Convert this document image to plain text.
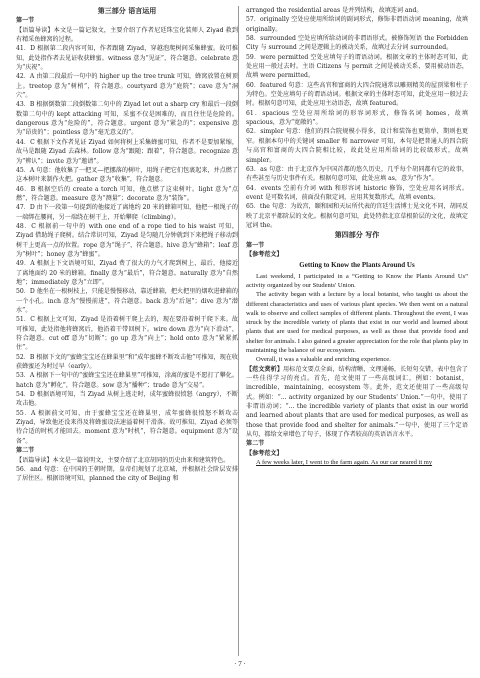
第三部分 语言运用
第一节
【语篇导读】本文是一篇记叙文，主要介绍了作者尼廷珠宝化装师人 Ziyad 救到有精采鱼蜂窝的过程。
41．D 根据第二段内容可知，作者跟随 Ziyad，穿越泡爬树间采集蜂蜜。故可推知，此处指作者去见证收获蜂蜜。witness 意为“见证”，符合题意。celebrate 意为“庆祝”。
42．A 由第二段最后一句中的 higher up the tree trunk 可知，蜂窝放置在树顶上。treetop 意为“树梢”，符合题意。courtyard 意为“庭院”；cave 意为“洞穴”。
43．B 根据倒数第二段倒数第二句中的 Ziyad let out a sharp cry 和最后一段倒数第二句中的 kept attacking 可知，采蜜不仅是困难的，而且往往是危险的。dangerous 意为“危险的”，符合题意。urgent 意为“紧急的”；expensive 意为“昂贵的”；pointless 意为“毫无意义的”。
44．C 根据下文作者见证 Ziyad 如何将树上采集蜂蜜可知，作者不是要加紧缩，故马是跟随 Ziyad 去森林。follow 意为“跟随；跟着”，符合题意。recognize 意为“辨认”；invite 意为“邀请”。
45．A 句意：他收集了一把叉—把挪落的树叶，用绳子把它们包裹起来，并点燃了这本树叶来制作火把。gather 意为“收集”，符合题意。
46．B 根据空后的 create a torch 可知，他点燃了这束树叶。light 意为“点燃”，符合题意。measure 意为“测量”；decorate 意为“装饰”。
47．D 由下一段第一句提到的他接近了离地约 20 米的蜂箱可知，他把一根绳子的一端绑在腰间，另一端绕在树干上，开始攀爬（climbing）。
48．C 根据前一句中的 with one end of a rope tied to his waist 可知，Ziyad 借助绳子爬树。结合常识可知，Ziyad 是匀随几分钟就到下来把绳子移动到树干上更高一点的位置。rope 意为“绳子”，符合题意。hive 意为“蜂箱”；leaf 意为“树叶”；honey 意为“蜂蜜”。
49．A 根据上下文语境可知，Ziyad 费了很大的力气才爬到树上，最后，他接近了离地面约 20 米的蜂箱。finally 意为“最后”，符合题意。naturally 意为“自然地”；immediately 意为“立即”。
50．D 他坐在一根树枝上，只能是慢慢移动，靠近蜂箱，把火把里的烟吹进蜂箱的一个小孔。inch 意为“慢慢前进”，符合题意。back 意为“后退”；dive 意为“潜水”。
51．C 根据上文可知，Ziyad 是沿着树干爬上去的，现在要沿着树干爬下来。故可推知，此处指他将蜂窝后，他沿着干带回树下。wire down 意为“向下滑动”，符合题意。cut off 意为“切断”；go up 意为“向上”；hold onto 意为“紧紧抓住”。
52．B 根据下文的“蜜蜂宝宝还在蜂巢里”和“成年蜜蜂不断攻击他”可推知，现在收获蜂蜜还为时过早（early）。
53．A 根据下一句中的“蜜蜂宝宝还在蜂巢里”可推知，涂离的蜜是不愿打了攀化。hatch 意为“孵化”，符合题意。sow 意为“播种”；trade 意为“交易”。
54．D 根据语境可知，当 Ziyad 从树上逃走时，成年蜜蜂很愤怒（angry），不断攻击他。
55．A 根据前文可知，由于蜜蜂宝宝还在蜂巢里，成年蜜蜂很愤怒不断攻击 Ziyad，导致他还没来得及将蜂蜜设法速溢着树干滑落。故可推知，Ziyad 必须等待合适的时机才能回去。moment 意为“时机”，符合题意。equipment 意为“设备”。
第二节
【语篇导读】本文是一篇说明文，主要介绍了北京胡同的历史由来和建筑特色。
56．and 句意：在中国的王朝时期，皇帝们规划了北京城，并根据社会阶层安排了居住区。根据语境可知，planned the city of Beijing 和
arranged the residential areas 是并列结构，故填连词 and。
57．originally 空处应使用所给词的副词形式，修饰非谓语动词 meaning，故填 originally。
58．surrounded 空处应填所给动词的非谓语形式。被修饰短语 the Forbidden City 与 surround 之间是逻辑上的被动关系，故填过去分词 surrounded。
59．were permitted 空处应填句子的谓语动词。根据文章的主体时态可知，此处应用一般过去时。主语 Citizens 与 permit 之间是被动关系，要用被动语态，故填 were permitted。
60．featured 句意：这些高官和富商的大四合院通常以雕刻精美的屋顶梁和柱子为特色。空处应填句子的谓语动词。根据文章的主体时态可知，此处应用一般过去时。根据句意可知，此处应用主动语态，故填 featured。
61．spacious 空处应用所给词的形容词形式，修饰名词 homes，故填 spacious，意为“宽敞的”。
62．simpler 句意：他们的四合院规模小得多，设计和装饰也更简单，期则也更窄。根据本句中的关键词 smaller 和 narrower 可知，本句是把普通人的四合院与高官和富商的大四合院相比较，故此处应用所给词的比较级形式，故填 simpler。
63．as 句意：由于北京作为中国首都的悠久历史，几乎每个胡同都有它的故事，有些甚至与历史事件有关。根据句意可知，此处应填 as，意为“作为”。
64．events 空前有介词 with 和形容词 historic 修饰，空处应用名词形式。event 是可数名词，前面没有限定词，应用其复数形式，故填 events。
65．the 句意：为故宫，颐和园和天坛所代表的宫廷生活博士见文化不同，胡同反映了北京平都阶层的文化。根据句意可知，此处特指北京草根阶层的文化，故填定冠词 the。
第四部分 写作
第一节
【参考范文】
Getting to Know the Plants Around Us
Last weekend, I participated in a “Getting to Know the Plants Around Us” activity organized by our Students' Union.
The activity began with a lecture by a local botanist, who taught us about the different characteristics and uses of various plant species. We then went on a natural walk to observe and collect samples of different plants. Throughout the event, I was struck by the incredible variety of plants that exist in our world and learned about plants that are used for medical purposes, as well as those that provide food and shelter for animals. I also gained a greater appreciation for the role that plants play in maintaining the balance of our ecosystem.
Overall, it was a valuable and enriching experience.
【范文赏析】用标范文要点全面，结构清晰，文理通畅，长短句交错，表中包含了一些佳得学习的亮点。首先，范文使用了一些高级词汇，例如：botanist，incredible，maintaining，ecosystem 等。此外，范文还使用了一些高级句式。例如：“... activity organized by our Students' Union.”一句中，使用了非谓语动词；“... the incredible variety of plants that exist in our world and learned about plants that are used for medical purposes, as well as those that provide food and shelter for animals.”一句中，使用了三个定语从句，都给文章增色了句子，体现了作者较高的英语语言水平。
第二节
【参考范文】
A few weeks later, I went to the farm again. As our car neared it my
· 7 ·
